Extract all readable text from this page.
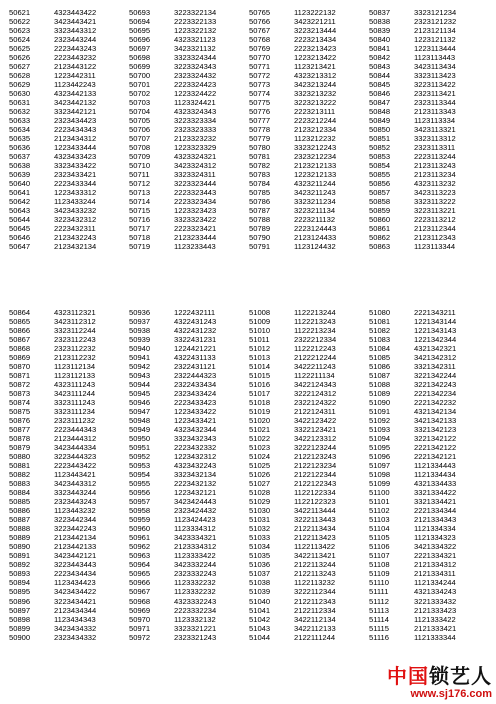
50621	4323443422
50622	3423443421
50623	3323443312
50624	2323443244
50625	2223443243
50626	2223443232
50627	2123443122
50628	1223442311
50629	1123442243
50630	4323442133
50631	3423442132
50632	3323442121
50633	2323434423
50634	2223434343
50635	2123434312
50636	1223433444
50637	4323433423
50638	3323433422
50639	2323433421
50640	2223433344
50641	1223433312
50642	1123433244
50643	3423433232
50644	3223432312
50645	2223432311
50646	2123432243
50647	2123432134
50693	3223322134
50694	2223322133
50695	1223322132
50696	4323321123
50697	3423321132
50698	3323324344
50699	3223324343
50700	2323324432
50701	2223324423
50702	1223324422
50703	1123324421
50704	4323324343
50705	3223323334
50706	2323323333
50707	2123323232
50708	1223323329
50709	4323324321
50710	3423324312
50711	3323324311
50712	3223323444
50713	2223323443
50714	2223323434
50715	1223323423
50716	3323323422
50717	2223323421
50718	2123233444
50719	1123233443
50765	1123222132
50766	3423221211
50767	3223213444
50768	2223213434
50769	2223213423
50770	1223213422
50771	1123213421
50772	4323213312
50773	3423213244
50774	3323213232
50775	3223213222
50776	2223213111
50777	2223212244
50778	2123212334
50779	1123212232
50780	3323212243
50781	2323212234
50782	2123212133
50783	1223212133
50784	4323211244
50785	3423211243
50786	3323211234
50787	3223211134
50788	2223211132
50789	2223124443
50790	2123124433
50791	1123124432
50837	3323121234
50838	2323121232
50839	2123121134
50840	1223121132
50841	1223113444
50842	1123113443
50843	3423113434
50844	3323113423
50845	3223113422
50846	2323113421
50847	2323113344
50848	2123113343
50849	1123113334
50850	3423113321
50851	3323113312
50852	2323113311
50853	2223113244
50854	2123113243
50855	2123113234
50856	4323113232
50857	3423113223
50858	3323113222
50859	3223113221
50860	2223113212
50861	2123112344
50862	2123112343
50863	1123113344
50864	4323112321
50865	3423112312
50866	3323112244
50867	2323112243
50868	2323112232
50869	2123112232
50870	1123112134
50871	1123112133
50872	4323111243
50873	3423111244
50874	3323111243
50875	3323111234
50876	2323111232
50877	2223444343
50878	2123444312
50879	3423444334
50880	3223444323
50881	2223443422
50882	1123443421
50883	3423443312
50884	3323443244
50885	2323443243
50886	1123443232
50887	3223442344
50888	3223442243
50889	2123442134
50890	2123442133
50891	3423442121
50892	3223443443
50893	2223434434
50894	1123434423
50895	3423434422
50896	3223434421
50897	2123434344
50898	1123434343
50899	3423434332
50900	2323434332
50936	1222432111
50937	4322431243
50938	4322431232
50939	3322431231
50940	1224421221
50941	4322431133
50942	2322431121
50943	2322444323
50944	2322433434
50945	2323433424
50946	2223433423
50947	1223433422
50948	1223433421
50949	4323432344
50950	3323432343
50951	2223432332
50952	1223432312
50953	4323432243
50954	3323432134
50955	2223432132
50956	1223432121
50957	3423424443
50958	2323424432
50959	1123424423
50960	1123334312
50961	3423334321
50962	2123334312
50963	1123333422
50964	3423332244
50965	2323332243
50966	1123332232
50967	1123332232
50968	4323332243
50969	2223332234
50970	1123332132
50971	3323321221
50972	2323321243
51008	1122213244
51009	1122213243
51010	1122213234
51011	2322212334
51012	1122212243
51013	2122212244
51014	3422211243
51015	1122211134
51016	3422124343
51017	3222124312
51018	2322124322
51019	2122124311
51020	3422123422
51021	3322123421
51022	3422123312
51023	3222123244
51024	2122123243
51025	2122123234
51026	2122122344
51027	2122122343
51028	1122122334
51029	1122122323
51030	3422113444
51031	3222113443
51032	2122113434
51033	2122113423
51034	1122113422
51035	3422113421
51036	2122113244
51037	2122113243
51038	1122113232
51039	3222112344
51040	2122112343
51041	2122112334
51042	3422112134
51043	3422112133
51044	2122111244
51080	2221343211
51081	1221343144
51082	1221343143
51083	1221342344
51084	4321342321
51085	3421342312
51086	3321342311
51087	3221342244
51088	3221342243
51089	2221342234
51090	2221342232
51091	4321342134
51092	3421342133
51093	3321342123
51094	3221342122
51095	2221342122
51096	2221342121
51097	1121334443
51098	1121334434
51099	4321334433
51100	3321334422
51101	3321334421
51102	2221334344
51103	2121334343
51104	1121334334
51105	1121334323
51106	3421334322
51107	2221334321
51108	2121334312
51109	2121334311
51110	1121334244
51111	4321334243
51112	3221333432
51113	2121333423
51114	1121333422
51115	2121333421
51116	1121333344
中国锁艺人
www.sj176.com
